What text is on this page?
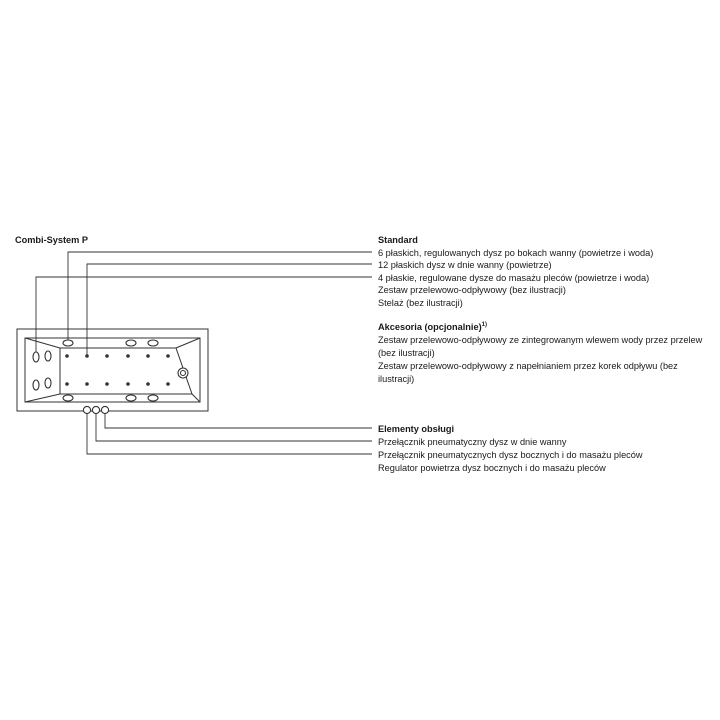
Combi-System P	Standard
6 płaskich, regulowanych dysz po bokach wanny (powietrze i woda)
12 płaskich dysz w dnie wanny (powietrze)
4 płaskie, regulowane dysze do masażu pleców (powietrze i woda)
Zestaw przelewowo-odpływowy (bez ilustracji)
Stelaż (bez ilustracji)
Akcesoria (opcjonalnie)$^{1)}$
Zestaw przelewowo-odpływowy ze zintegrowanym wlewem wody przez przelew (bez ilustracji)
Zestaw przelewowo-odpływowy z napełnianiem przez korek odpływu (bez ilustracji)
Elementy obsługi
Przełącznik pneumatyczny dysz w dnie wanny
Przełącznik pneumatycznych dysz bocznych i do masażu pleców
Regulator powietrza dysz bocznych i do masażu pleców
